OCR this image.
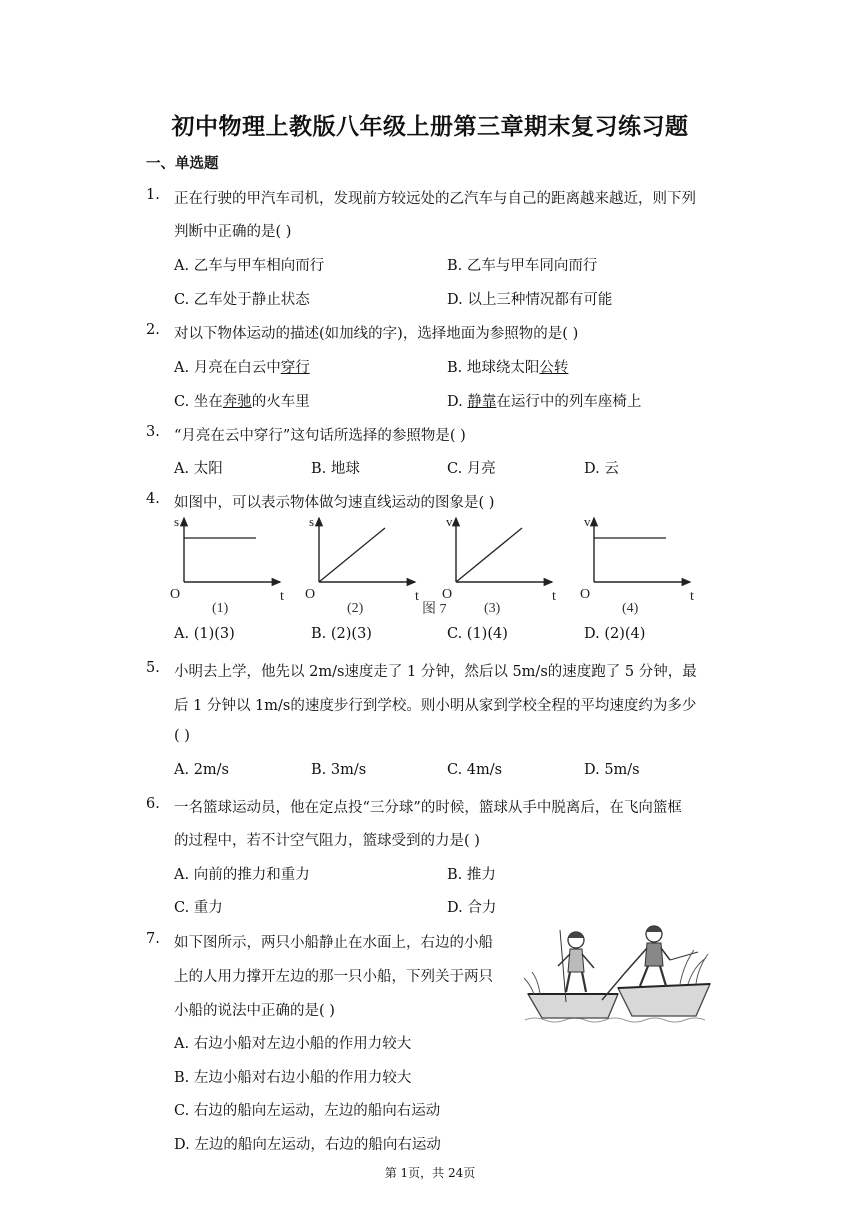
初中物理上教版八年级上册第三章期末复习练习题
一、单选题
1. 正在行驶的甲汽车司机，发现前方较远处的乙汽车与自己的距离越来越近，则下列
判断中正确的是( )
A. 乙车与甲车相向而行	B. 乙车与甲车同向而行
C. 乙车处于静止状态	D. 以上三种情况都有可能
2. 对以下物体运动的描述(如加线的字)，选择地面为参照物的是( )
A. 月亮在白云中穿行	B. 地球绕太阳公转
C. 坐在奔驰的火车里	D. 静靠在运行中的列车座椅上
3. “月亮在云中穿行”这句话所选择的参照物是( )
A. 太阳	B. 地球	C. 月亮	D. 云
4. 如图中，可以表示物体做匀速直线运动的图象是( )
s
O	t
(1)
s
O	t
(2)
v
O	t
(3)
v
O	t
(4)
图 7
A. (1)(3)	B. (2)(3)	C. (1)(4)	D. (2)(4)
5. 小明去上学，他先以 2m/s速度走了 1 分钟，然后以 5m/s的速度跑了 5 分钟，最
后 1 分钟以 1m/s的速度步行到学校。则小明从家到学校全程的平均速度约为多少
( )
A. 2m/s	B. 3m/s	C. 4m/s	D. 5m/s
6. 一名篮球运动员，他在定点投“三分球”的时候，篮球从手中脱离后，在飞向篮框
的过程中，若不计空气阻力，篮球受到的力是( )
A. 向前的推力和重力	B. 推力
C. 重力	D. 合力
7. 如下图所示，两只小船静止在水面上，右边的小船
上的人用力撑开左边的那一只小船，下列关于两只
小船的说法中正确的是( )
A. 右边小船对左边小船的作用力较大
B. 左边小船对右边小船的作用力较大
C. 右边的船向左运动，左边的船向右运动
D. 左边的船向左运动，右边的船向右运动
第 1页，共 24页
